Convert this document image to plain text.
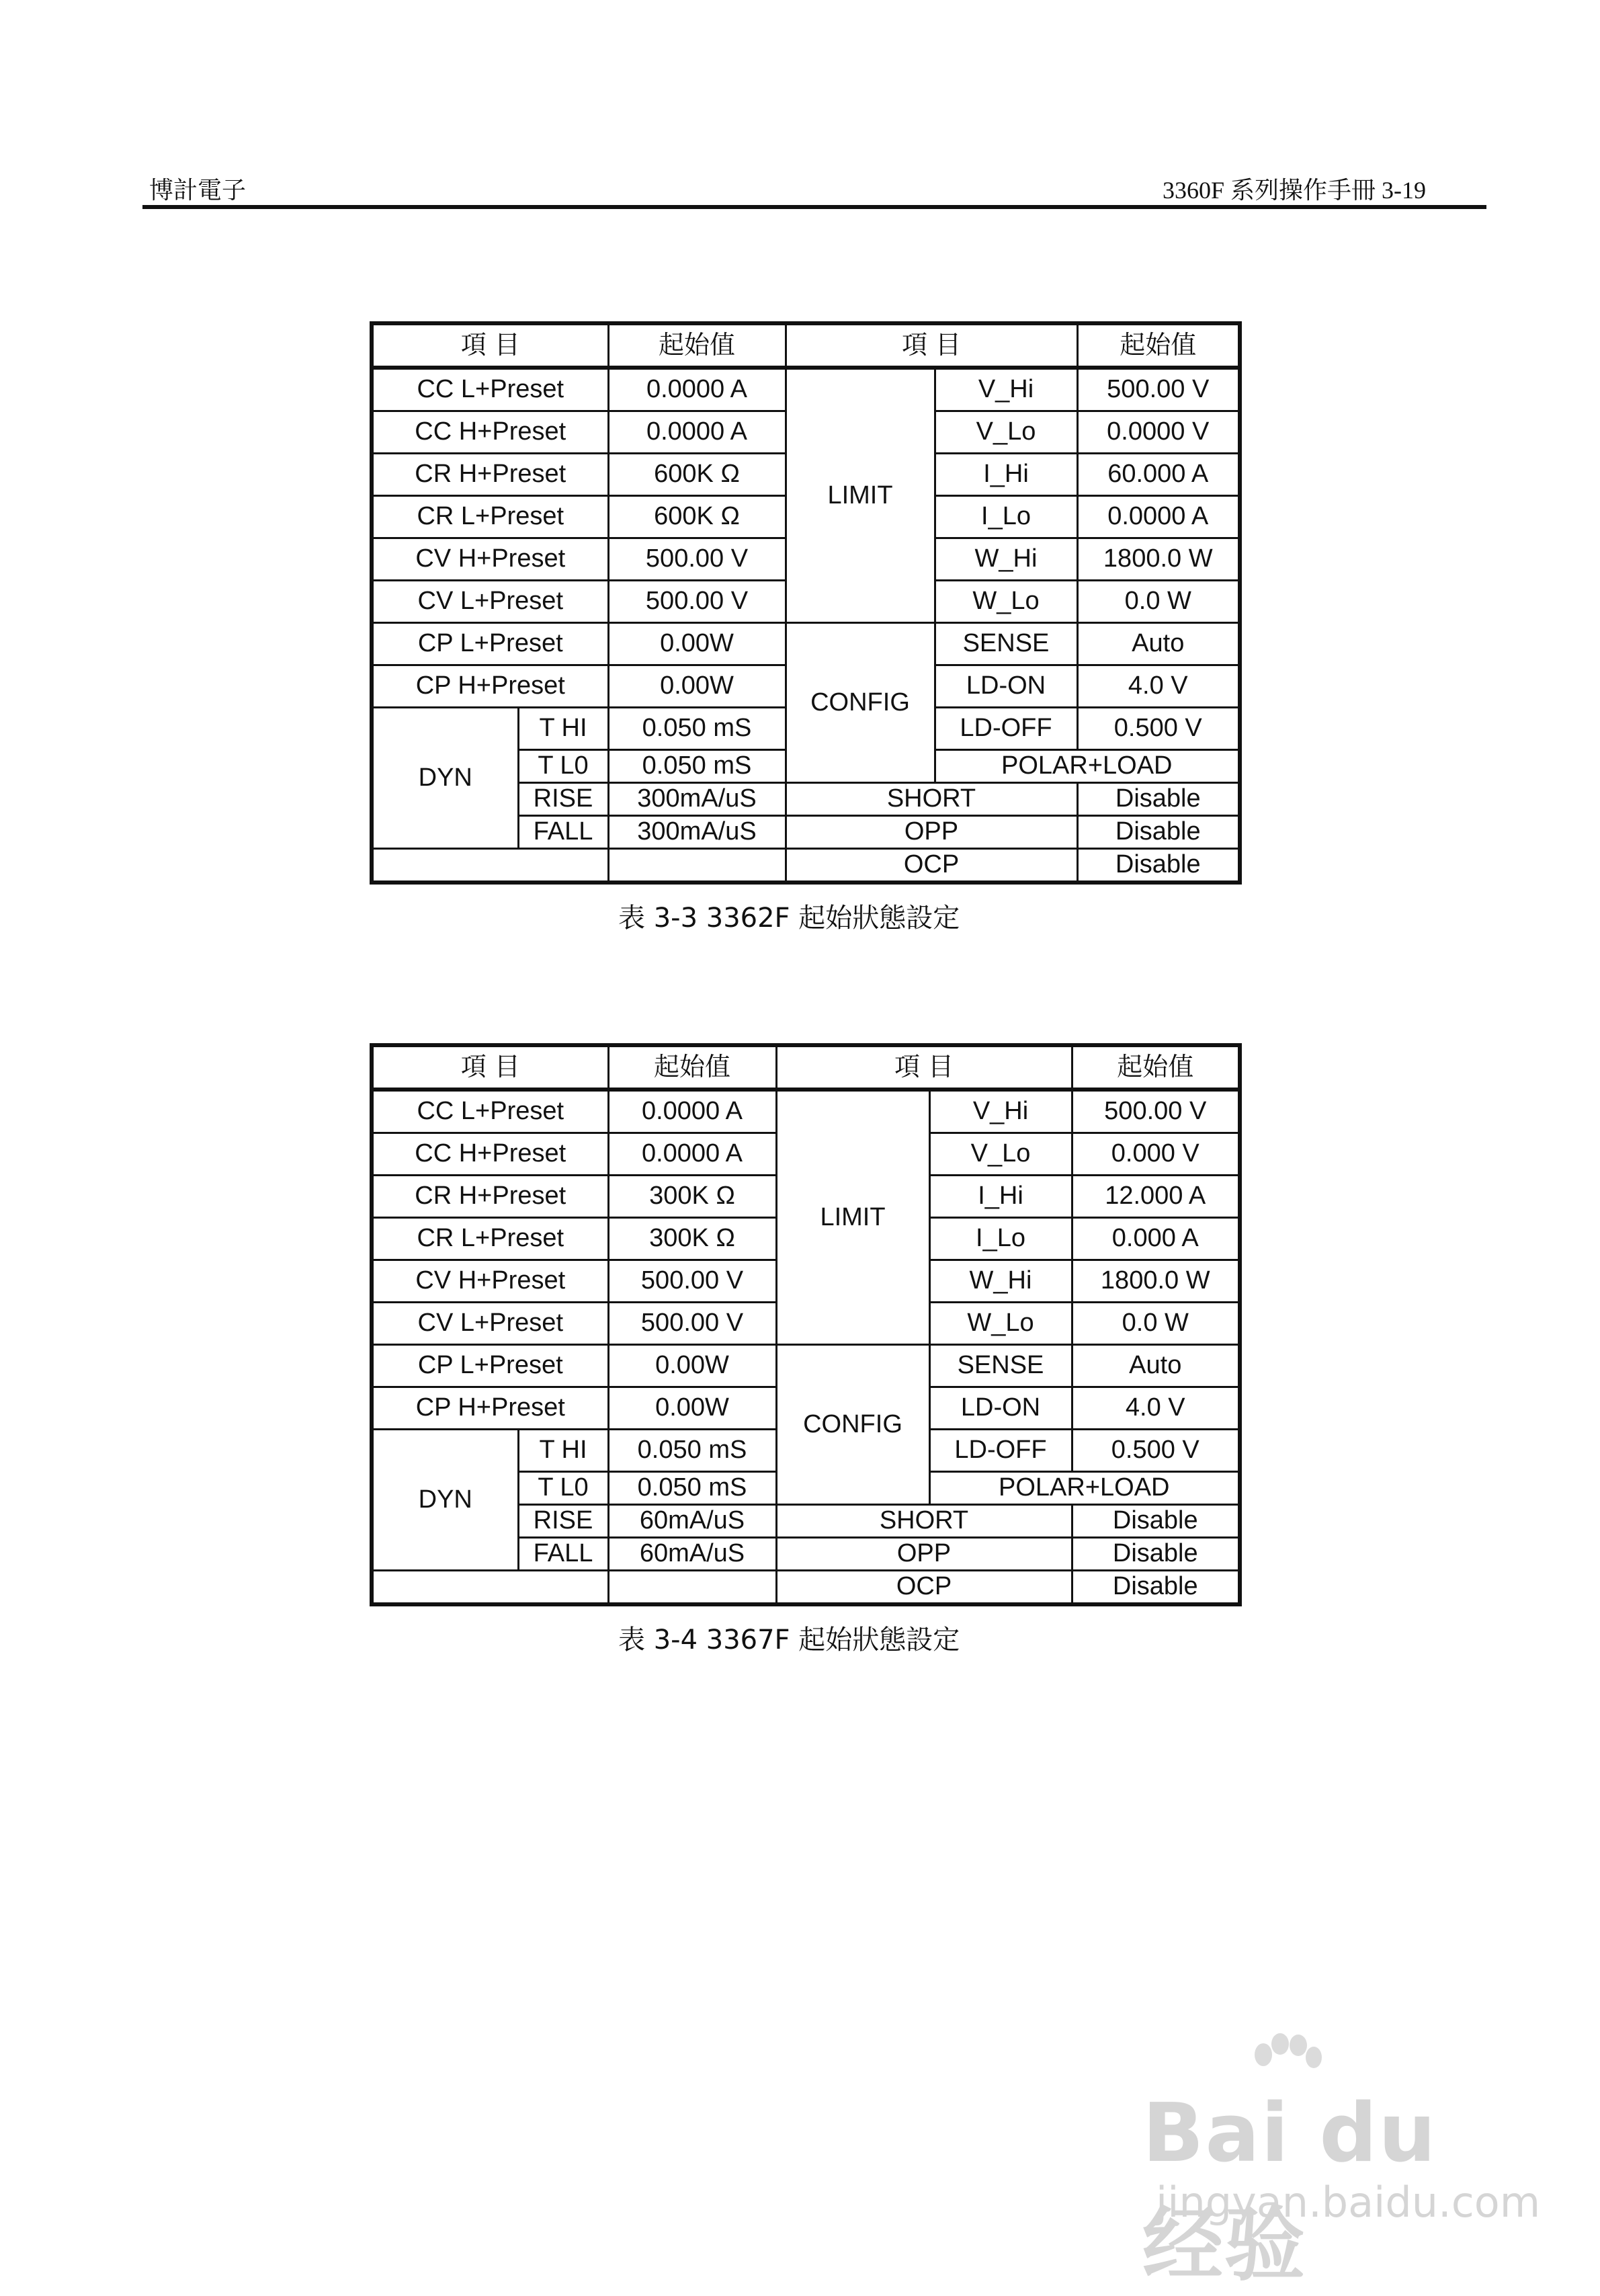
博計電子	3360F 系列操作手冊 3-19
項 目		起始值	項 目		起始值
CC L+Preset		0.0000 A	LIMIT	V_Hi	500.00 V
CC H+Preset		0.0000 A		V_Lo	0.0000 V
CR H+Preset		600K Ω		I_Hi	60.000 A
CR L+Preset		600K Ω		I_Lo	0.0000 A
CV H+Preset		500.00 V		W_Hi	1800.0 W
CV L+Preset		500.00 V		W_Lo	0.0 W
CP L+Preset		0.00W	CONFIG	SENSE	Auto
CP H+Preset		0.00W		LD-ON	4.0 V
DYN	T HI	0.050 mS		LD-OFF	0.500 V
	T L0	0.050 mS		POLAR+LOAD	
	RISE	300mA/uS	SHORT		Disable
	FALL	300mA/uS	OPP		Disable
			OCP		Disable
表 3-3 3362F 起始狀態設定
項 目		起始值	項 目		起始值
CC L+Preset		0.0000 A	LIMIT	V_Hi	500.00 V
CC H+Preset		0.0000 A		V_Lo	0.000 V
CR H+Preset		300K Ω		I_Hi	12.000 A
CR L+Preset		300K Ω		I_Lo	0.000 A
CV H+Preset		500.00 V		W_Hi	1800.0 W
CV L+Preset		500.00 V		W_Lo	0.0 W
CP L+Preset		0.00W	CONFIG	SENSE	Auto
CP H+Preset		0.00W		LD-ON	4.0 V
DYN	T HI	0.050 mS		LD-OFF	0.500 V
	T L0	0.050 mS		POLAR+LOAD	
	RISE	60mA/uS	SHORT		Disable
	FALL	60mA/uS	OPP		Disable
			OCP		Disable
表 3-4 3367F 起始狀態設定
Bai du 经验
jingyan.baidu.com
